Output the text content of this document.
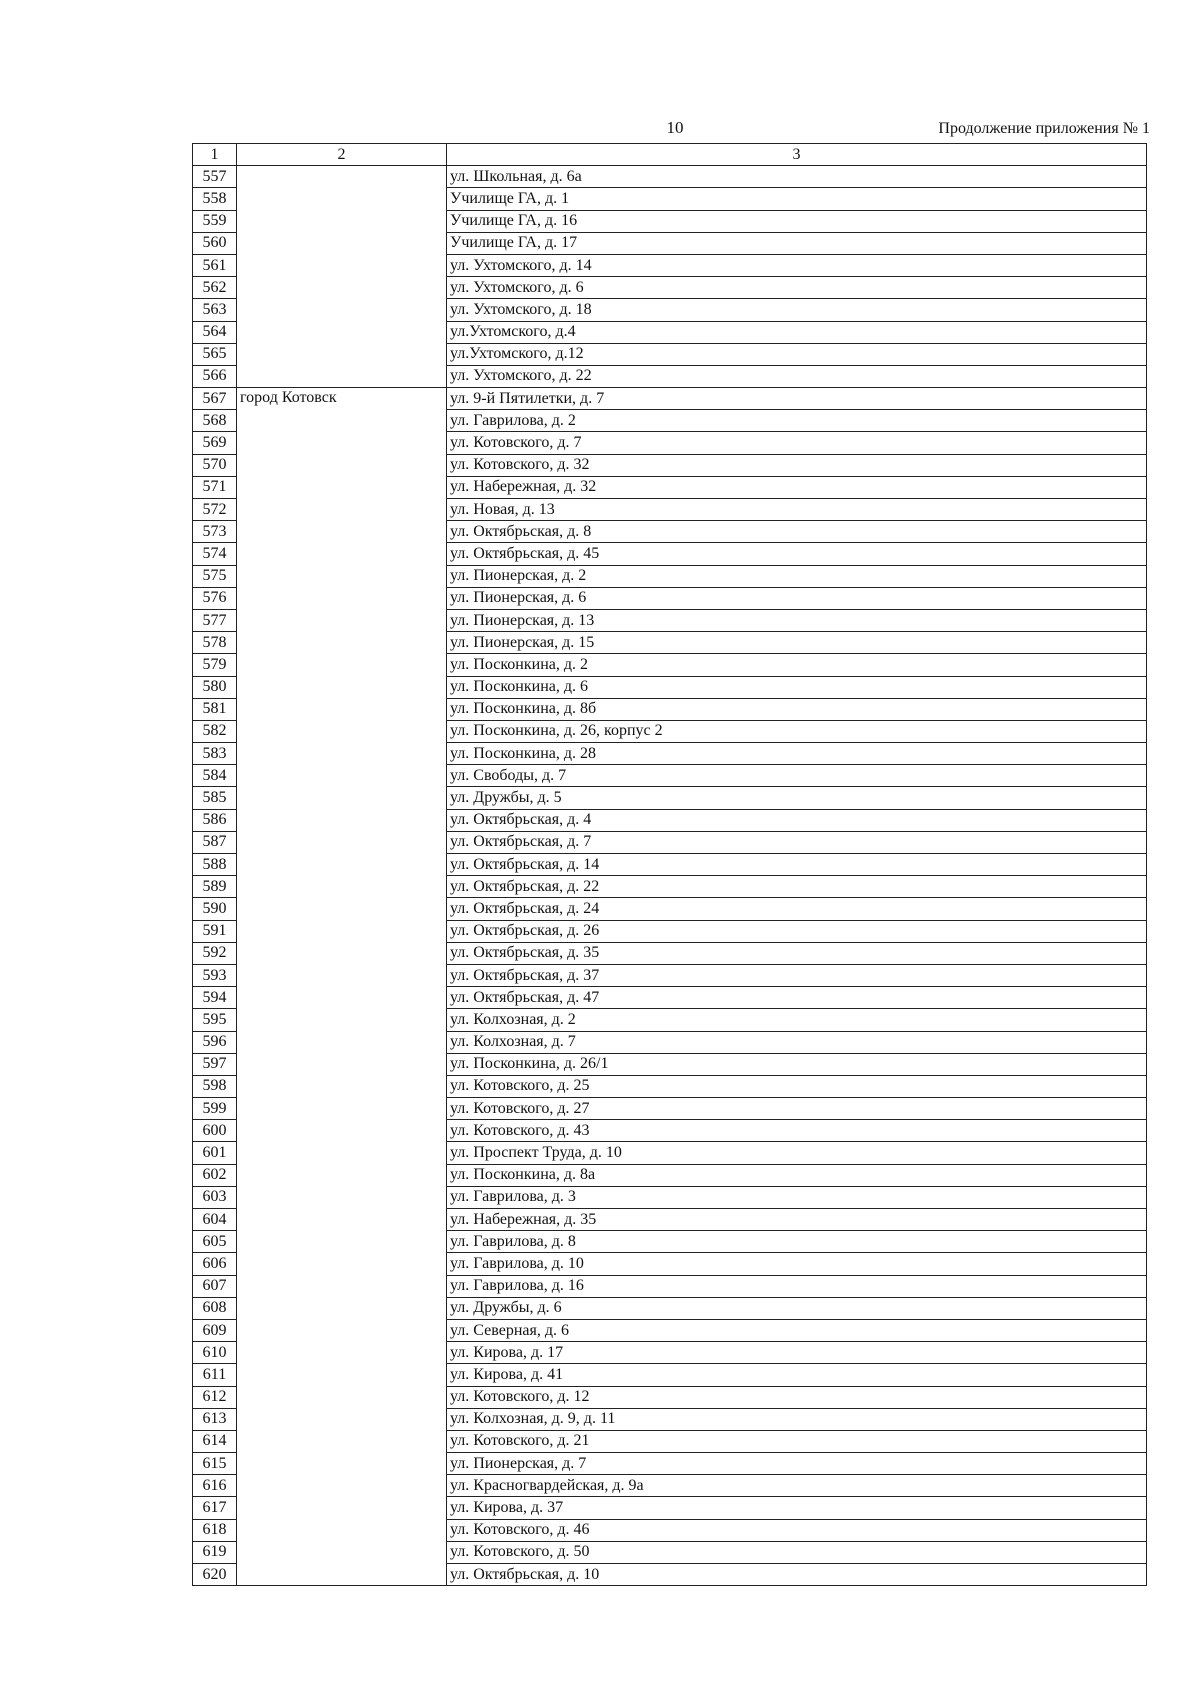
10	Продолжение приложения № 1
1	2	3
557		ул. Школьная, д. 6а
558		Училище ГА, д. 1
559		Училище ГА, д. 16
560		Училище ГА, д. 17
561		ул. Ухтомского, д. 14
562		ул. Ухтомского, д. 6
563		ул. Ухтомского, д. 18
564		ул.Ухтомского, д.4
565		ул.Ухтомского, д.12
566		ул. Ухтомского, д. 22
567	город Котовск	ул. 9-й Пятилетки, д. 7
568		ул. Гаврилова, д. 2
569		ул. Котовского, д. 7
570		ул. Котовского, д. 32
571		ул. Набережная, д. 32
572		ул. Новая, д. 13
573		ул. Октябрьская, д. 8
574		ул. Октябрьская, д. 45
575		ул. Пионерская, д. 2
576		ул. Пионерская, д. 6
577		ул. Пионерская, д. 13
578		ул. Пионерская, д. 15
579		ул. Посконкина, д. 2
580		ул. Посконкина, д. 6
581		ул. Посконкина, д. 8б
582		ул. Посконкина, д. 26, корпус 2
583		ул. Посконкина, д. 28
584		ул. Свободы, д. 7
585		ул. Дружбы, д. 5
586		ул. Октябрьская, д. 4
587		ул. Октябрьская, д. 7
588		ул. Октябрьская, д. 14
589		ул. Октябрьская, д. 22
590		ул. Октябрьская, д. 24
591		ул. Октябрьская, д. 26
592		ул. Октябрьская, д. 35
593		ул. Октябрьская, д. 37
594		ул. Октябрьская, д. 47
595		ул. Колхозная, д. 2
596		ул. Колхозная, д. 7
597		ул. Посконкина, д. 26/1
598		ул. Котовского, д. 25
599		ул. Котовского, д. 27
600		ул. Котовского, д. 43
601		ул. Проспект Труда, д. 10
602		ул. Посконкина, д. 8а
603		ул. Гаврилова, д. 3
604		ул. Набережная, д. 35
605		ул. Гаврилова, д. 8
606		ул. Гаврилова, д. 10
607		ул. Гаврилова, д. 16
608		ул. Дружбы, д. 6
609		ул. Северная, д. 6
610		ул. Кирова, д. 17
611		ул. Кирова, д. 41
612		ул. Котовского, д. 12
613		ул. Колхозная, д. 9, д. 11
614		ул. Котовского, д. 21
615		ул. Пионерская, д. 7
616		ул. Красногвардейская, д. 9а
617		ул. Кирова, д. 37
618		ул. Котовского, д. 46
619		ул. Котовского, д. 50
620		ул. Октябрьская, д. 10
